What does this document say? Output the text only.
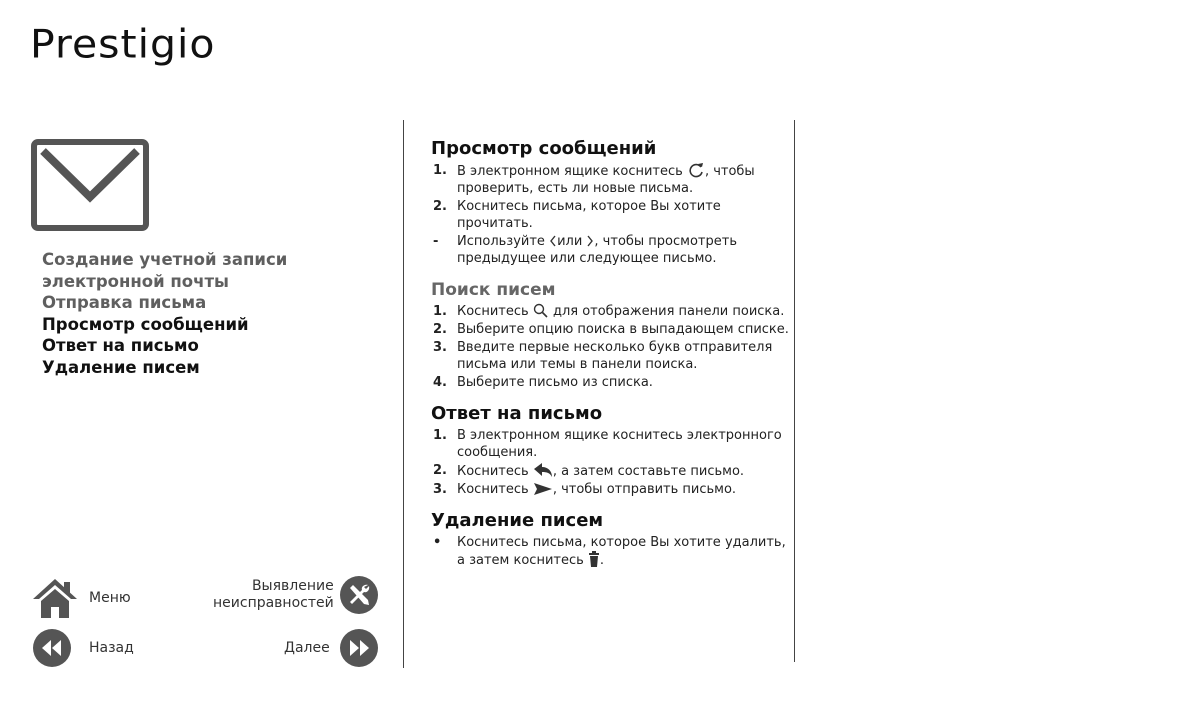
Prestigio
Создание учетной записи
электронной почты
Отправка письма
Просмотр сообщений
Ответ на письмо
Удаление писем
Меню
Выявление
неисправностей
Назад	Далее
Просмотр сообщений
1. В электронном ящике коснитесь , чтобы
проверить, есть ли новые письма.
2. Коснитесь письма, которое Вы хотите прочитать.
- Используйте или , чтобы просмотреть предыдущее или следующее письмо.
Поиск писем
1. Коснитесь для отображения панели поиска.
2. Выберите опцию поиска в выпадающем списке.
3. Введите первые несколько букв отправителя письма или темы в панели поиска.
4. Выберите письмо из списка.
Ответ на письмо
1. В электронном ящике коснитесь электронного сообщения.
2. Коснитесь , а затем составьте письмо.
3. Коснитесь , чтобы отправить письмо.
Удаление писем
• Коснитесь письма, которое Вы хотите удалить, а затем коснитесь .
